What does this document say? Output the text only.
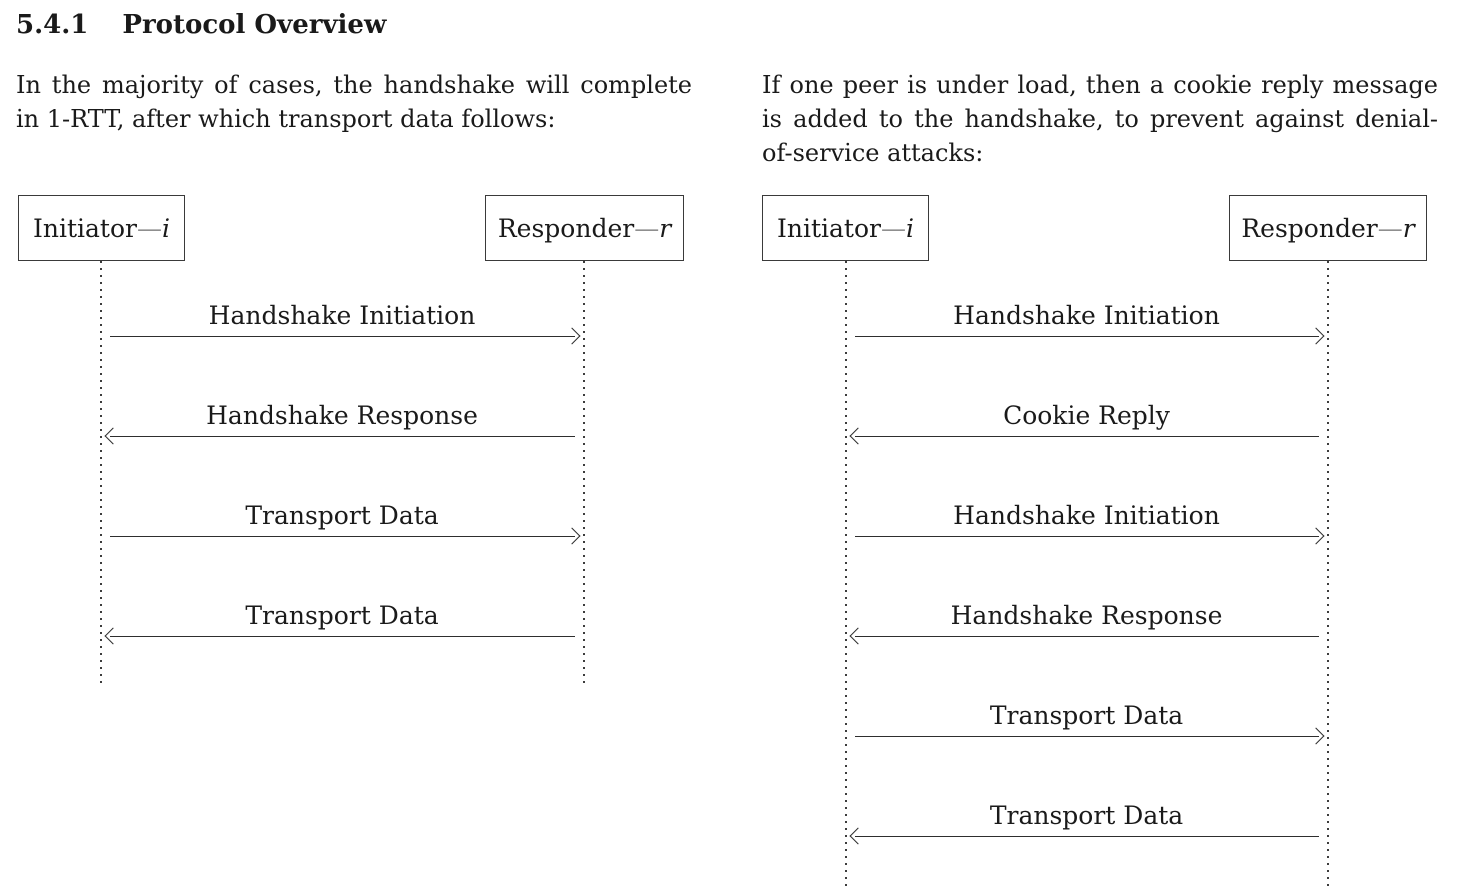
5.4.1 Protocol Overview
In the majority of cases, the handshake will complete
in 1-RTT, after which transport data follows:
If one peer is under load, then a cookie reply message
is added to the handshake, to prevent against denial-
of-service attacks:
Initiator — i	Responder — r
Handshake Initiation
Handshake Response
Transport Data
Transport Data
Initiator — i	Responder — r
Handshake Initiation
Cookie Reply
Handshake Initiation
Handshake Response
Transport Data
Transport Data
